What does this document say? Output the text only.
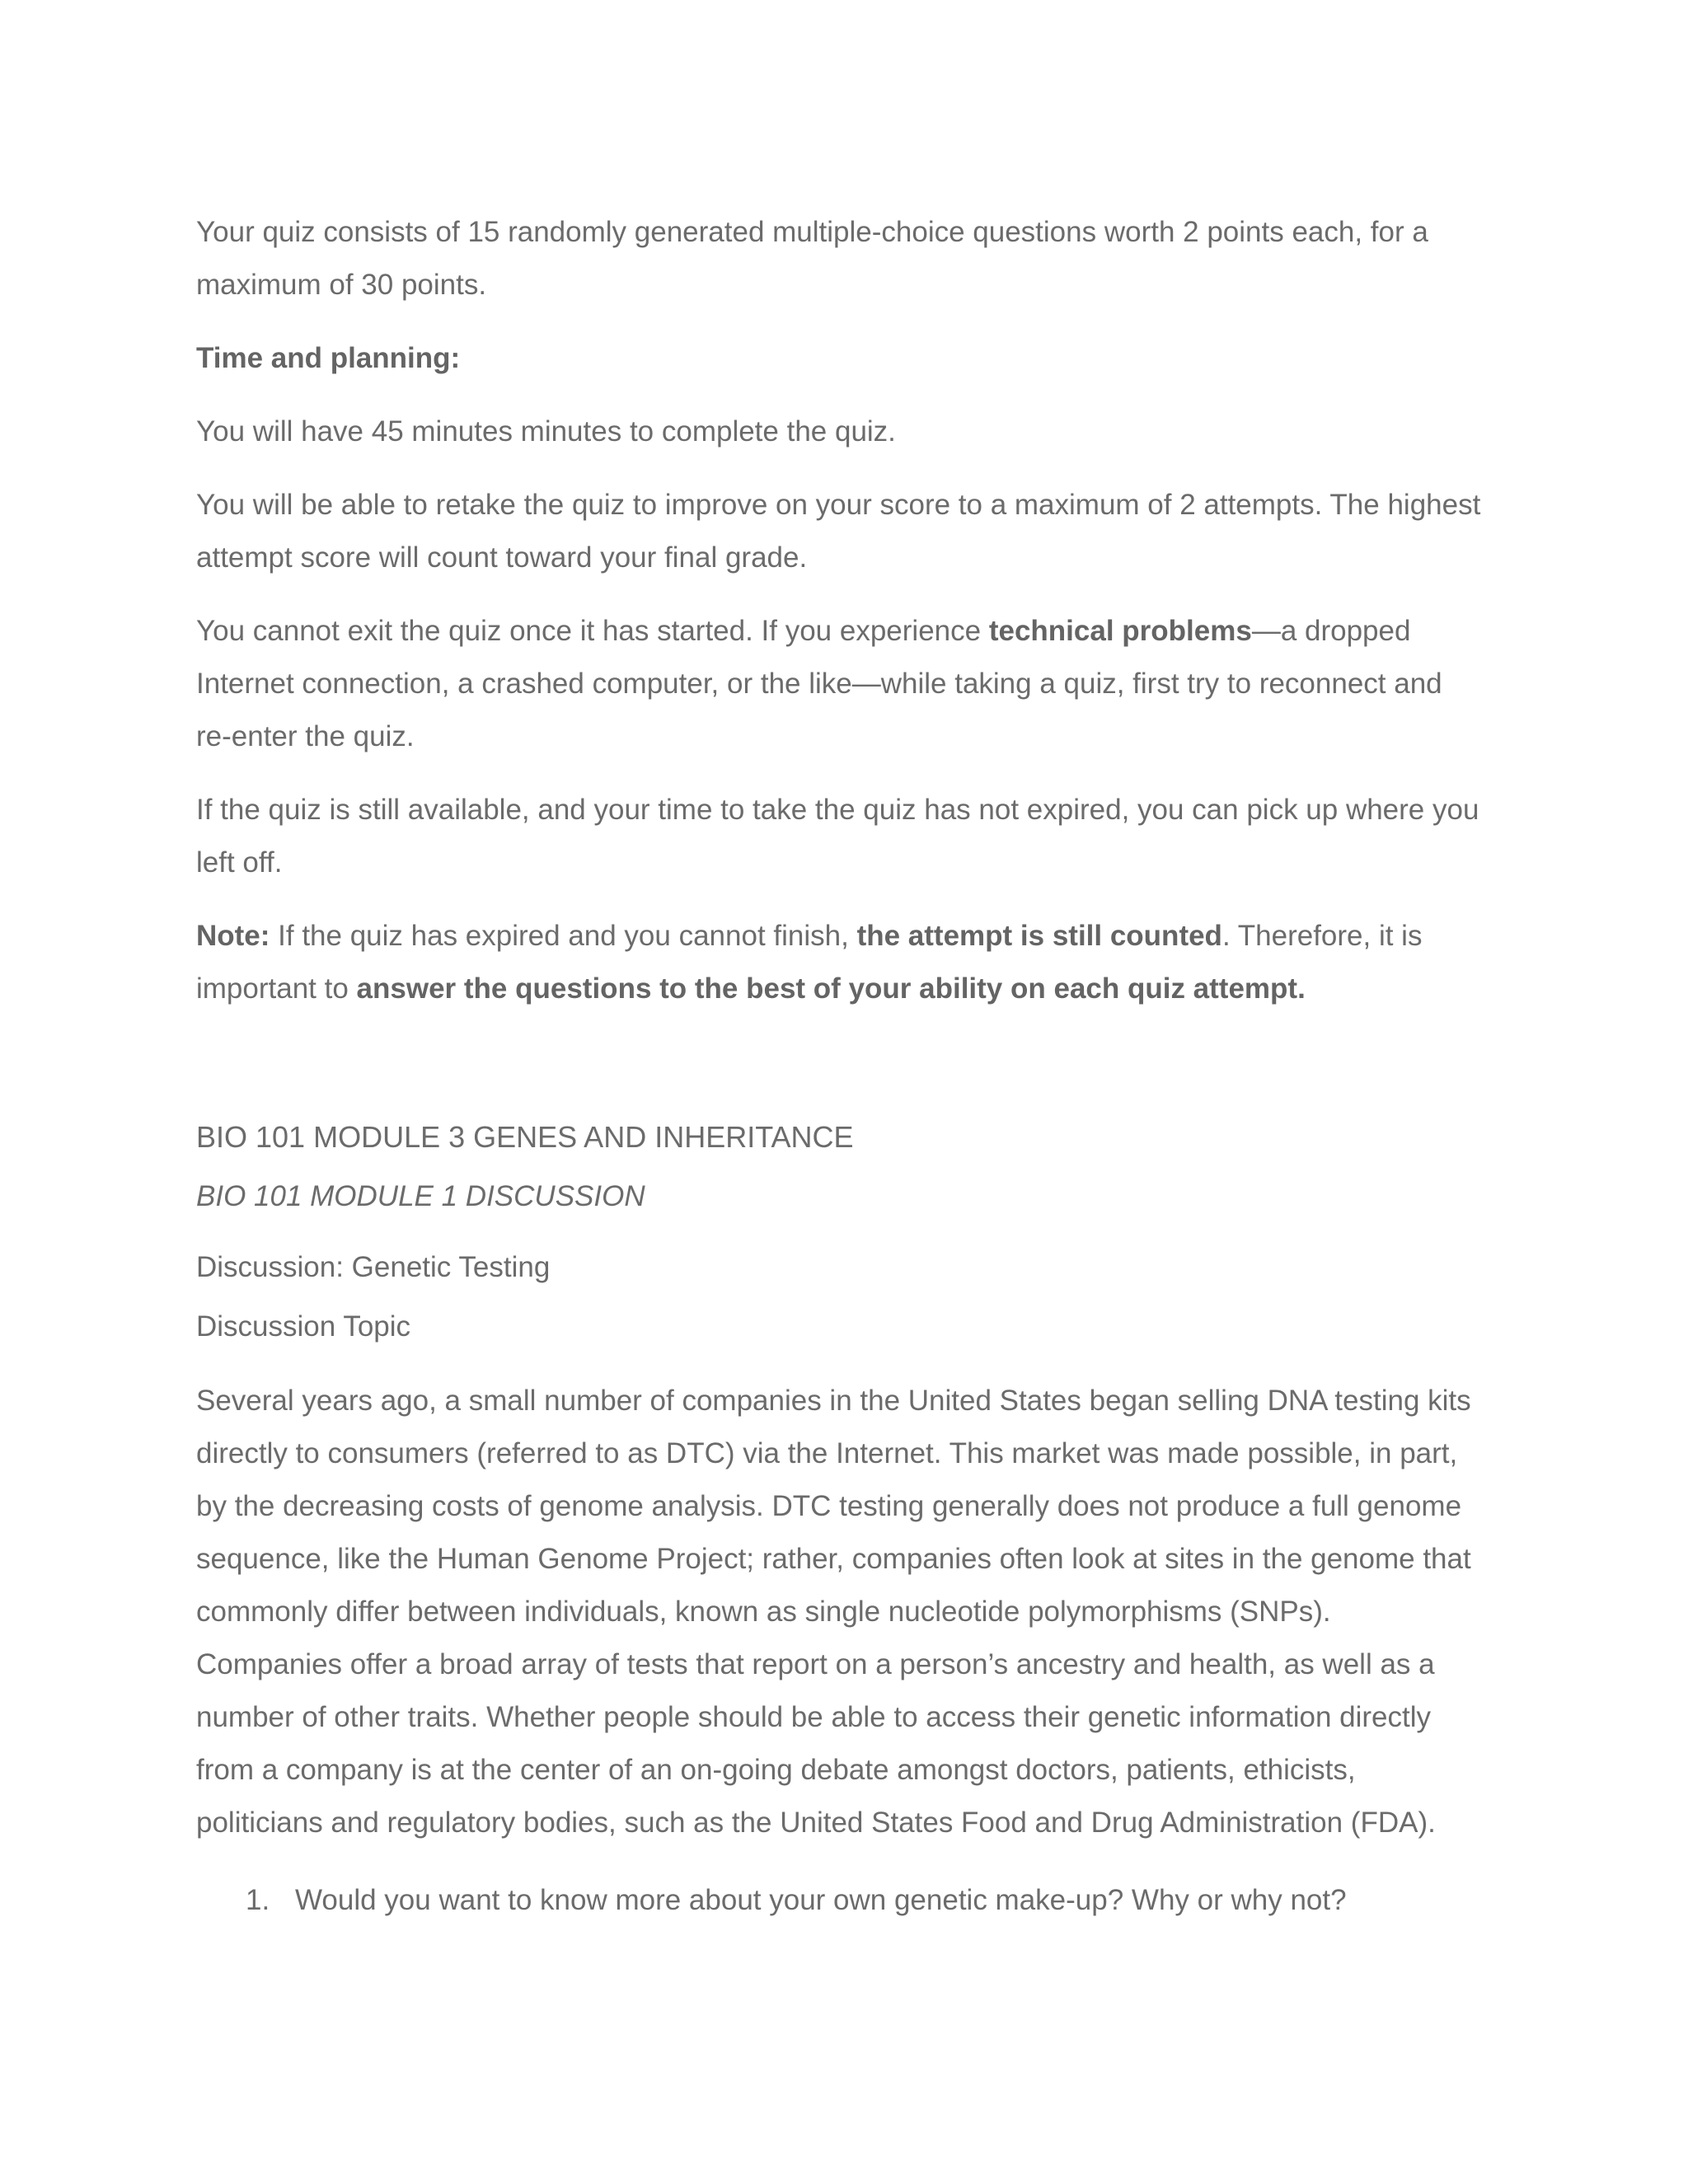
Your quiz consists of 15 randomly generated multiple-choice questions worth 2 points each, for a maximum of 30 points.

Time and planning:

You will have 45 minutes minutes to complete the quiz.

You will be able to retake the quiz to improve on your score to a maximum of 2 attempts. The highest attempt score will count toward your final grade.

You cannot exit the quiz once it has started. If you experience technical problems—a dropped Internet connection, a crashed computer, or the like—while taking a quiz, first try to reconnect and re-enter the quiz.

If the quiz is still available, and your time to take the quiz has not expired, you can pick up where you left off.

Note: If the quiz has expired and you cannot finish, the attempt is still counted. Therefore, it is important to answer the questions to the best of your ability on each quiz attempt.

BIO 101 MODULE 3 GENES AND INHERITANCE

BIO 101 MODULE 1 DISCUSSION

Discussion: Genetic Testing

Discussion Topic

Several years ago, a small number of companies in the United States began selling DNA testing kits directly to consumers (referred to as DTC) via the Internet. This market was made possible, in part, by the decreasing costs of genome analysis. DTC testing generally does not produce a full genome sequence, like the Human Genome Project; rather, companies often look at sites in the genome that commonly differ between individuals, known as single nucleotide polymorphisms (SNPs). Companies offer a broad array of tests that report on a person’s ancestry and health, as well as a number of other traits. Whether people should be able to access their genetic information directly from a company is at the center of an on-going debate amongst doctors, patients, ethicists, politicians and regulatory bodies, such as the United States Food and Drug Administration (FDA).

1. Would you want to know more about your own genetic make-up? Why or why not?
